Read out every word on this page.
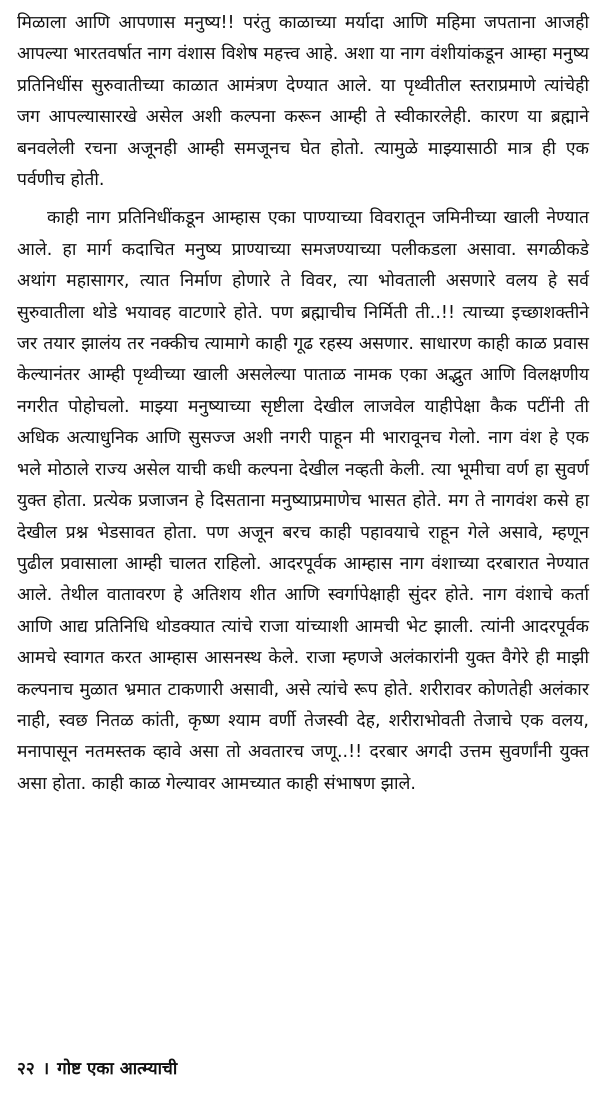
मिळाला आणि आपणास मनुष्य!! परंतु काळाच्या मर्यादा आणि महिमा जपताना आजही आपल्या भारतवर्षात नाग वंशास विशेष महत्त्व आहे. अशा या नाग वंशीयांकडून आम्हा मनुष्य प्रतिनिधींस सुरुवातीच्या काळात आमंत्रण देण्यात आले. या पृथ्वीतील स्तराप्रमाणे त्यांचेही जग आपल्यासारखे असेल अशी कल्पना करून आम्ही ते स्वीकारलेही. कारण या ब्रह्माने बनवलेली रचना अजूनही आम्ही समजूनच घेत होतो. त्यामुळे माझ्यासाठी मात्र ही एक पर्वणीच होती.

काही नाग प्रतिनिधींकडून आम्हास एका पाण्याच्या विवरातून जमिनीच्या खाली नेण्यात आले. हा मार्ग कदाचित मनुष्य प्राण्याच्या समजण्याच्या पलीकडला असावा. सगळीकडे अथांग महासागर, त्यात निर्माण होणारे ते विवर, त्या भोवताली असणारे वलय हे सर्व सुरुवातीला थोडे भयावह वाटणारे होते. पण ब्रह्माचीच निर्मिती ती..!! त्याच्या इच्छाशक्तीने जर तयार झालंय तर नक्कीच त्यामागे काही गूढ रहस्य असणार. साधारण काही काळ प्रवास केल्यानंतर आम्ही पृथ्वीच्या खाली असलेल्या पाताळ नामक एका अद्भुत आणि विलक्षणीय नगरीत पोहोचलो. माझ्या मनुष्याच्या सृष्टीला देखील लाजवेल याहीपेक्षा कैक पटींनी ती अधिक अत्याधुनिक आणि सुसज्ज अशी नगरी पाहून मी भारावूनच गेलो. नाग वंश हे एक भले मोठाले राज्य असेल याची कधी कल्पना देखील नव्हती केली. त्या भूमीचा वर्ण हा सुवर्ण युक्त होता. प्रत्येक प्रजाजन हे दिसताना मनुष्याप्रमाणेच भासत होते. मग ते नागवंश कसे हा देखील प्रश्न भेडसावत होता. पण अजून बरच काही पहावयाचे राहून गेले असावे, म्हणून पुढील प्रवासाला आम्ही चालत राहिलो. आदरपूर्वक आम्हास नाग वंशाच्या दरबारात नेण्यात आले. तेथील वातावरण हे अतिशय शीत आणि स्वर्गापेक्षाही सुंदर होते. नाग वंशाचे कर्ता आणि आद्य प्रतिनिधि थोडक्यात त्यांचे राजा यांच्याशी आमची भेट झाली. त्यांनी आदरपूर्वक आमचे स्वागत करत आम्हास आसनस्थ केले. राजा म्हणजे अलंकारांनी युक्त वैगेरे ही माझी कल्पनाच मुळात भ्रमात टाकणारी असावी, असे त्यांचे रूप होते. शरीरावर कोणतेही अलंकार नाही, स्वछ नितळ कांती, कृष्ण श्याम वर्णी तेजस्वी देह, शरीराभोवती तेजाचे एक वलय, मनापासून नतमस्तक व्हावे असा तो अवतारच जणू..!! दरबार अगदी उत्तम सुवर्णांनी युक्त असा होता. काही काळ गेल्यावर आमच्यात काही संभाषण झाले.

२२ । गोष्ट एका आत्म्याची
